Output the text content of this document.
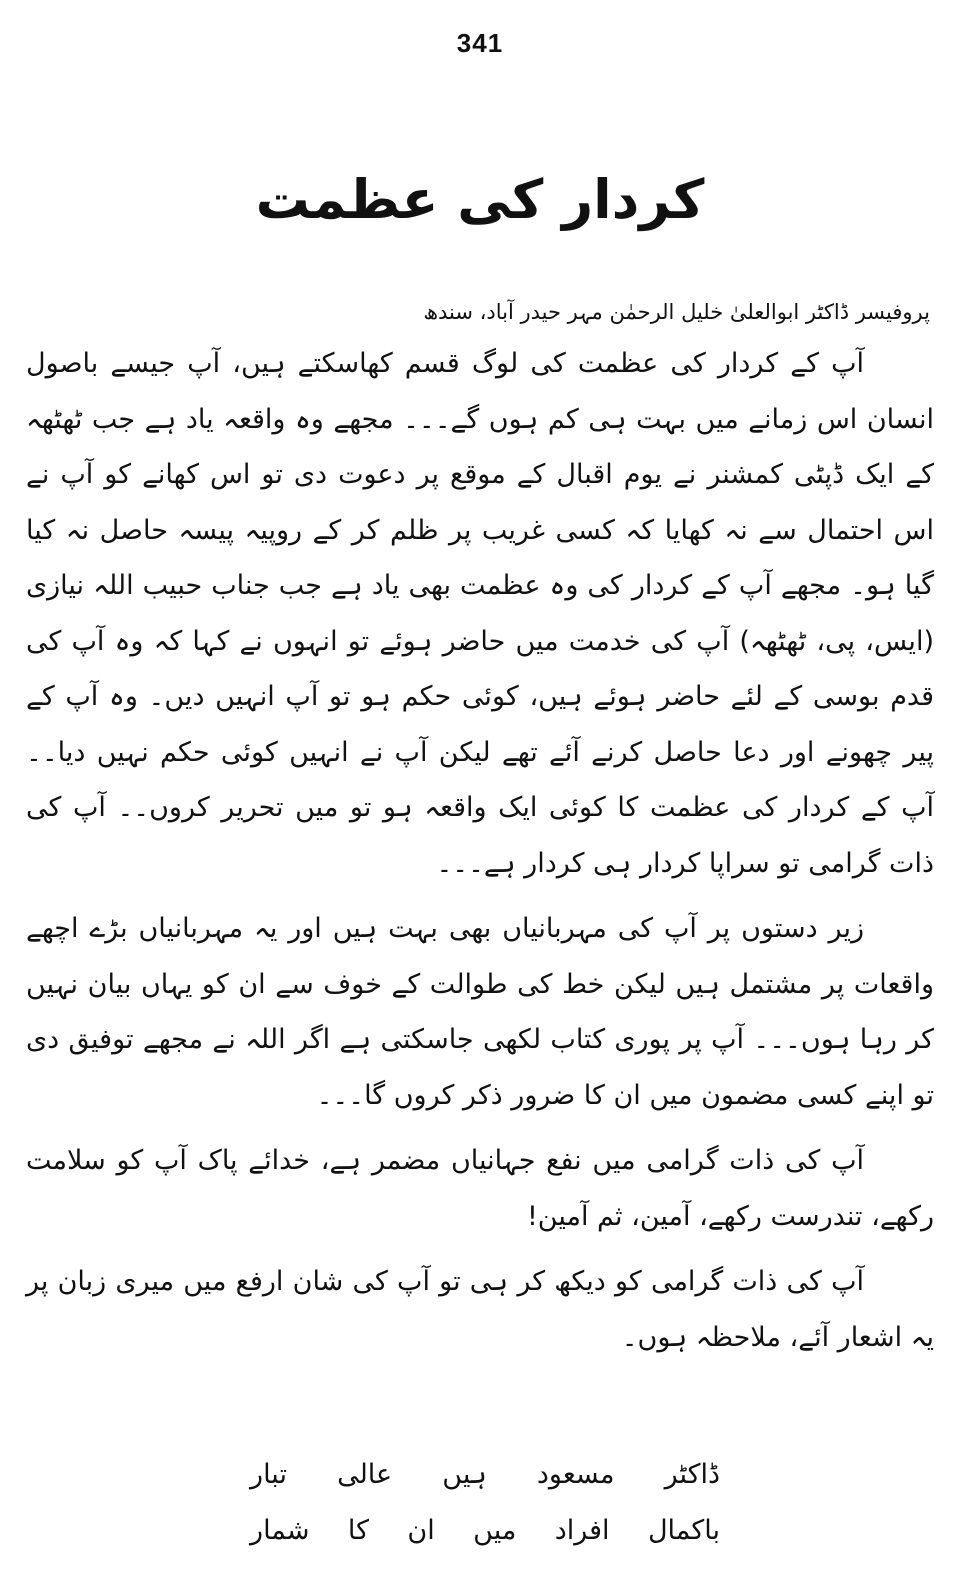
341
کردار کی عظمت
پروفیسر ڈاکٹر ابوالعلیٰ خلیل الرحمٰن مہر حیدر آباد، سندھ

آپ کے کردار کی عظمت کی لوگ قسم کھاسکتے ہیں، آپ جیسے باصول انسان اس زمانے میں بہت ہی کم ہوں گے۔۔۔ مجھے وہ واقعہ یاد ہے جب ٹھٹھہ کے ایک ڈپٹی کمشنر نے یوم اقبال کے موقع پر دعوت دی تو اس کھانے کو آپ نے اس احتمال سے نہ کھایا کہ کسی غریب پر ظلم کر کے روپیہ پیسہ حاصل نہ کیا گیا ہو۔ مجھے آپ کے کردار کی وہ عظمت بھی یاد ہے جب جناب حبیب اللہ نیازی (ایس، پی، ٹھٹھہ) آپ کی خدمت میں حاضر ہوئے تو انہوں نے کہا کہ وہ آپ کی قدم بوسی کے لئے حاضر ہوئے ہیں، کوئی حکم ہو تو آپ انہیں دیں۔ وہ آپ کے پیر چھونے اور دعا حاصل کرنے آئے تھے لیکن آپ نے انہیں کوئی حکم نہیں دیا۔۔ آپ کے کردار کی عظمت کا کوئی ایک واقعہ ہو تو میں تحریر کروں۔۔ آپ کی ذات گرامی تو سراپا کردار ہی کردار ہے۔۔۔

زیر دستوں پر آپ کی مہربانیاں بھی بہت ہیں اور یہ مہربانیاں بڑے اچھے واقعات پر مشتمل ہیں لیکن خط کی طوالت کے خوف سے ان کو یہاں بیان نہیں کر رہا ہوں۔۔۔ آپ پر پوری کتاب لکھی جاسکتی ہے اگر اللہ نے مجھے توفیق دی تو اپنے کسی مضمون میں ان کا ضرور ذکر کروں گا۔۔۔

آپ کی ذات گرامی میں نفع جہانیاں مضمر ہے، خدائے پاک آپ کو سلامت رکھے، تندرست رکھے، آمین، ثم آمین!

آپ کی ذات گرامی کو دیکھ کر ہی تو آپ کی شان ارفع میں میری زبان پر یہ اشعار آئے، ملاحظہ ہوں۔

ڈاکٹر
مسعود
ہیں
عالی
تبار
باکمال
افراد
میں
ان
کا
شمار
